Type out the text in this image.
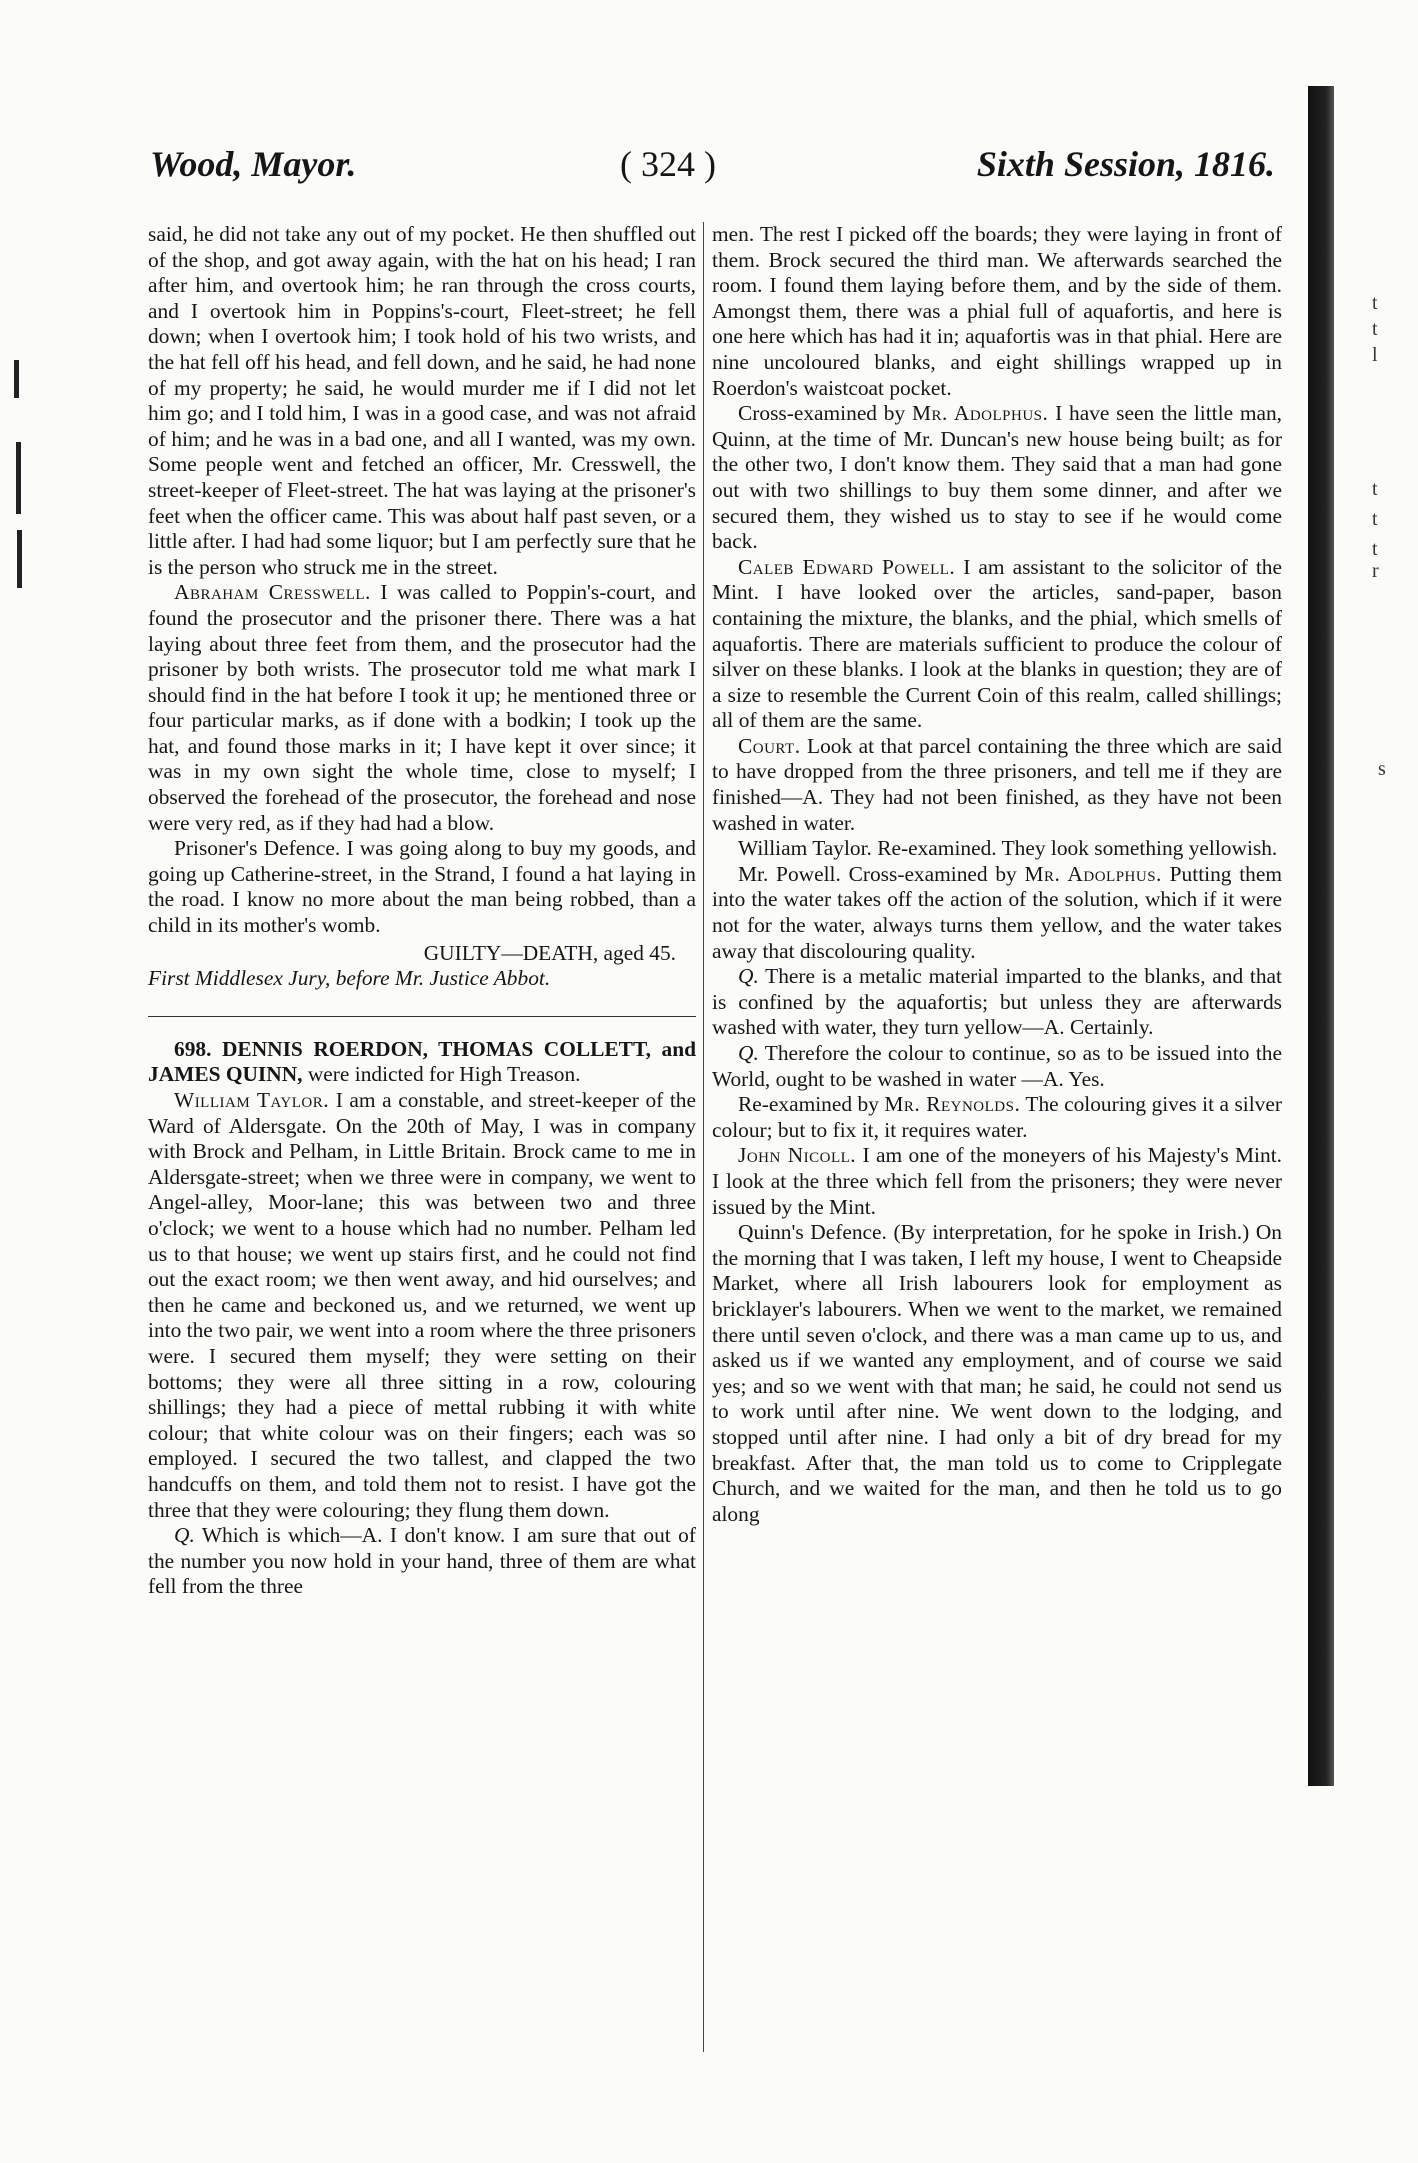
t
t
l
t
t
t
r
s
Wood, Mayor.	( 324 )	Sixth Session, 1816.

said, he did not take any out of my pocket. He then shuffled out of the shop, and got away again, with the hat on his head; I ran after him, and overtook him; he ran through the cross courts, and I overtook him in Poppins's-court, Fleet-street; he fell down; when I overtook him; I took hold of his two wrists, and the hat fell off his head, and fell down, and he said, he had none of my property; he said, he would murder me if I did not let him go; and I told him, I was in a good case, and was not afraid of him; and he was in a bad one, and all I wanted, was my own. Some people went and fetched an officer, Mr. Cresswell, the street-keeper of Fleet-street. The hat was laying at the prisoner's feet when the officer came. This was about half past seven, or a little after. I had had some liquor; but I am perfectly sure that he is the person who struck me in the street.

Abraham Cresswell. I was called to Poppin's-court, and found the prosecutor and the prisoner there. There was a hat laying about three feet from them, and the prosecutor had the prisoner by both wrists. The prosecutor told me what mark I should find in the hat before I took it up; he mentioned three or four particular marks, as if done with a bodkin; I took up the hat, and found those marks in it; I have kept it over since; it was in my own sight the whole time, close to myself; I observed the forehead of the prosecutor, the forehead and nose were very red, as if they had had a blow.

Prisoner's Defence. I was going along to buy my goods, and going up Catherine-street, in the Strand, I found a hat laying in the road. I know no more about the man being robbed, than a child in its mother's womb.

GUILTY—DEATH, aged 45.

First Middlesex Jury, before Mr. Justice Abbot.

698. DENNIS ROERDON, THOMAS COLLETT, and JAMES QUINN, were indicted for High Treason.

William Taylor. I am a constable, and street-keeper of the Ward of Aldersgate. On the 20th of May, I was in company with Brock and Pelham, in Little Britain. Brock came to me in Aldersgate-street; when we three were in company, we went to Angel-alley, Moor-lane; this was between two and three o'clock; we went to a house which had no number. Pelham led us to that house; we went up stairs first, and he could not find out the exact room; we then went away, and hid ourselves; and then he came and beckoned us, and we returned, we went up into the two pair, we went into a room where the three prisoners were. I secured them myself; they were setting on their bottoms; they were all three sitting in a row, colouring shillings; they had a piece of mettal rubbing it with white colour; that white colour was on their fingers; each was so employed. I secured the two tallest, and clapped the two handcuffs on them, and told them not to resist. I have got the three that they were colouring; they flung them down.

Q. Which is which—A. I don't know. I am sure that out of the number you now hold in your hand, three of them are what fell from the three

men. The rest I picked off the boards; they were laying in front of them. Brock secured the third man. We afterwards searched the room. I found them laying before them, and by the side of them. Amongst them, there was a phial full of aquafortis, and here is one here which has had it in; aquafortis was in that phial. Here are nine uncoloured blanks, and eight shillings wrapped up in Roerdon's waistcoat pocket.

Cross-examined by Mr. Adolphus. I have seen the little man, Quinn, at the time of Mr. Duncan's new house being built; as for the other two, I don't know them. They said that a man had gone out with two shillings to buy them some dinner, and after we secured them, they wished us to stay to see if he would come back.

Caleb Edward Powell. I am assistant to the solicitor of the Mint. I have looked over the articles, sand-paper, bason containing the mixture, the blanks, and the phial, which smells of aquafortis. There are materials sufficient to produce the colour of silver on these blanks. I look at the blanks in question; they are of a size to resemble the Current Coin of this realm, called shillings; all of them are the same.

Court. Look at that parcel containing the three which are said to have dropped from the three prisoners, and tell me if they are finished—A. They had not been finished, as they have not been washed in water.

William Taylor. Re-examined. They look something yellowish.

Mr. Powell. Cross-examined by Mr. Adolphus. Putting them into the water takes off the action of the solution, which if it were not for the water, always turns them yellow, and the water takes away that discolouring quality.

Q. There is a metalic material imparted to the blanks, and that is confined by the aquafortis; but unless they are afterwards washed with water, they turn yellow—A. Certainly.

Q. Therefore the colour to continue, so as to be issued into the World, ought to be washed in water —A. Yes.

Re-examined by Mr. Reynolds. The colouring gives it a silver colour; but to fix it, it requires water.

John Nicoll. I am one of the moneyers of his Majesty's Mint. I look at the three which fell from the prisoners; they were never issued by the Mint.

Quinn's Defence. (By interpretation, for he spoke in Irish.) On the morning that I was taken, I left my house, I went to Cheapside Market, where all Irish labourers look for employment as bricklayer's labourers. When we went to the market, we remained there until seven o'clock, and there was a man came up to us, and asked us if we wanted any employment, and of course we said yes; and so we went with that man; he said, he could not send us to work until after nine. We went down to the lodging, and stopped until after nine. I had only a bit of dry bread for my breakfast. After that, the man told us to come to Cripplegate Church, and we waited for the man, and then he told us to go along
